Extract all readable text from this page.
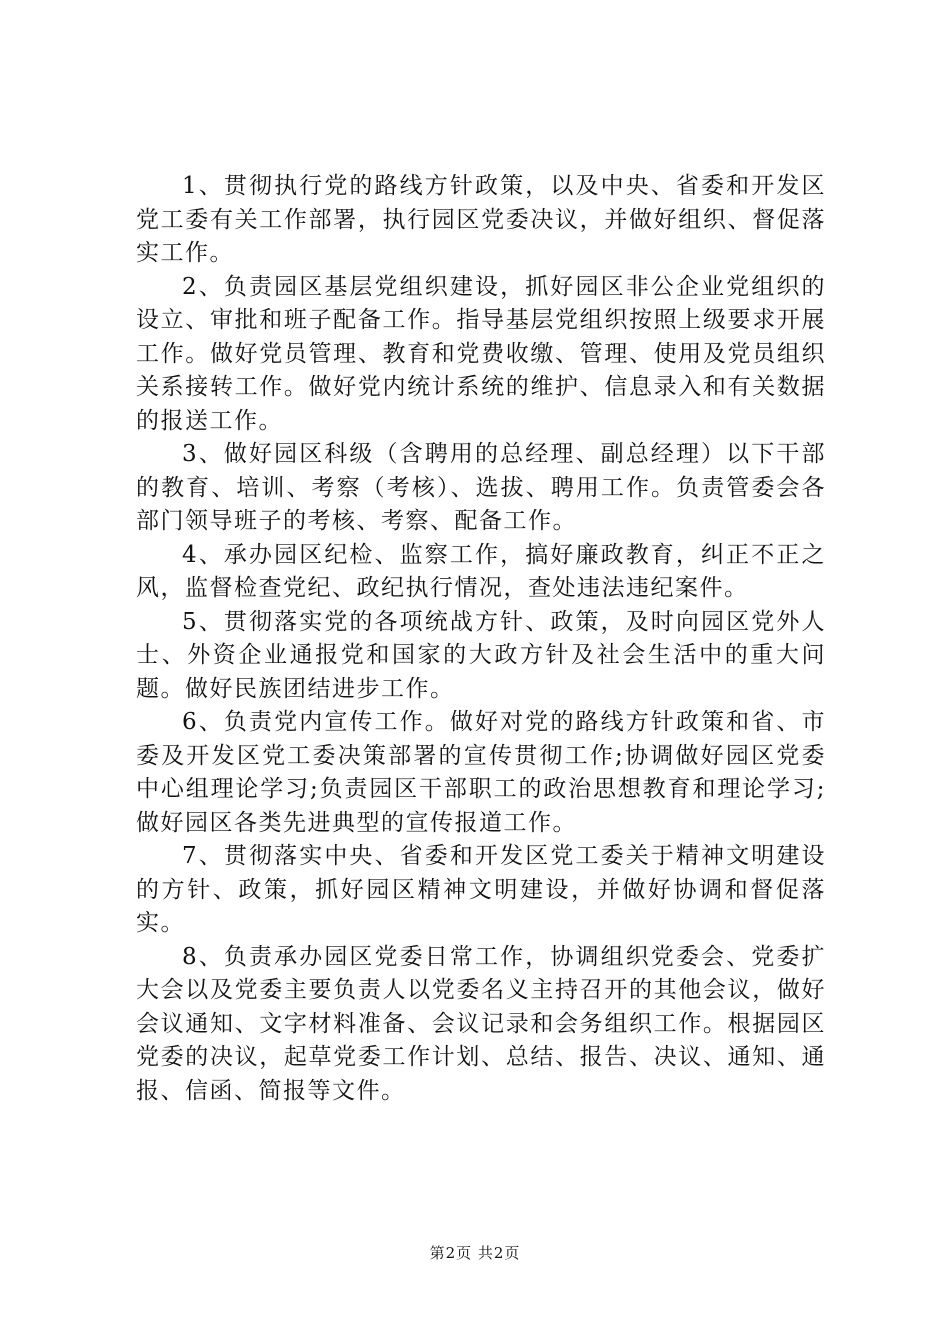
1、贯彻执行党的路线方针政策，以及中央、省委和开发区党工委有关工作部署，执行园区党委决议，并做好组织、督促落实工作。

2、负责园区基层党组织建设，抓好园区非公企业党组织的设立、审批和班子配备工作。指导基层党组织按照上级要求开展工作。做好党员管理、教育和党费收缴、管理、使用及党员组织关系接转工作。做好党内统计系统的维护、信息录入和有关数据的报送工作。

3、做好园区科级（含聘用的总经理、副总经理）以下干部的教育、培训、考察（考核）、选拔、聘用工作。负责管委会各部门领导班子的考核、考察、配备工作。

4、承办园区纪检、监察工作，搞好廉政教育，纠正不正之风，监督检查党纪、政纪执行情况，查处违法违纪案件。

5、贯彻落实党的各项统战方针、政策，及时向园区党外人士、外资企业通报党和国家的大政方针及社会生活中的重大问题。做好民族团结进步工作。

6、负责党内宣传工作。做好对党的路线方针政策和省、市委及开发区党工委决策部署的宣传贯彻工作;协调做好园区党委中心组理论学习;负责园区干部职工的政治思想教育和理论学习;做好园区各类先进典型的宣传报道工作。

7、贯彻落实中央、省委和开发区党工委关于精神文明建设的方针、政策，抓好园区精神文明建设，并做好协调和督促落实。

8、负责承办园区党委日常工作，协调组织党委会、党委扩大会以及党委主要负责人以党委名义主持召开的其他会议，做好会议通知、文字材料准备、会议记录和会务组织工作。根据园区党委的决议，起草党委工作计划、总结、报告、决议、通知、通报、信函、简报等文件。

第2页 共2页
